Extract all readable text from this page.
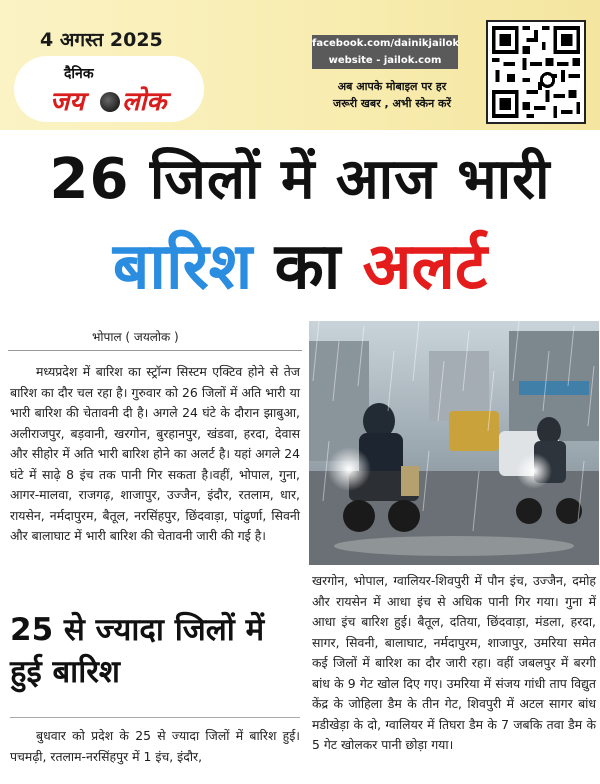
4 अगस्त 2025
दैनिक
जय लोक
facebook.com/dainikjailok
website - jailok.com
अब आपके मोबाइल पर हर
जरूरी खबर , अभी स्केन करें
26 जिलों में आज भारी
बारिश का अलर्ट
भोपाल ( जयलोक )
मध्यप्रदेश में बारिश का स्ट्रॉन्ग सिस्टम एक्टिव होने से तेज बारिश का दौर चल रहा है। गुरुवार को 26 जिलों में अति भारी या भारी बारिश की चेतावनी दी है। अगले 24 घंटे के दौरान झाबुआ, अलीराजपुर, बड़वानी, खरगोन, बुरहानपुर, खंडवा, हरदा, देवास और सीहोर में अति भारी बारिश होने का अलर्ट है। यहां अगले 24 घंटे में साढ़े 8 इंच तक पानी गिर सकता है।वहीं, भोपाल, गुना, आगर-मालवा, राजगढ़, शाजापुर, उज्जैन, इंदौर, रतलाम, धार, रायसेन, नर्मदापुरम, बैतूल, नरसिंहपुर, छिंदवाड़ा, पांढुर्णा, सिवनी और बालाघाट में भारी बारिश की चेतावनी जारी की गई है।
खरगोन, भोपाल, ग्वालियर-शिवपुरी में पौन इंच, उज्जैन, दमोह और रायसेन में आधा इंच से अधिक पानी गिर गया। गुना में आधा इंच बारिश हुई। बैतूल, दतिया, छिंदवाड़ा, मंडला, हरदा, सागर, सिवनी, बालाघाट, नर्मदापुरम, शाजापुर, उमरिया समेत कई जिलों में बारिश का दौर जारी रहा। वहीं जबलपुर में बरगी बांध के 9 गेट खोल दिए गए। उमरिया में संजय गांधी ताप विद्युत केंद्र के जोहिला डैम के तीन गेट, शिवपुरी में अटल सागर बांध मडीखेड़ा के दो, ग्वालियर में तिघरा डैम के 7 जबकि तवा डैम के 5 गेट खोलकर पानी छोड़ा गया।
25 से ज्यादा जिलों में हुई बारिश
बुधवार को प्रदेश के 25 से ज्यादा जिलों में बारिश हुई। पचमढ़ी, रतलाम-नरसिंहपुर में 1 इंच, इंदौर,
